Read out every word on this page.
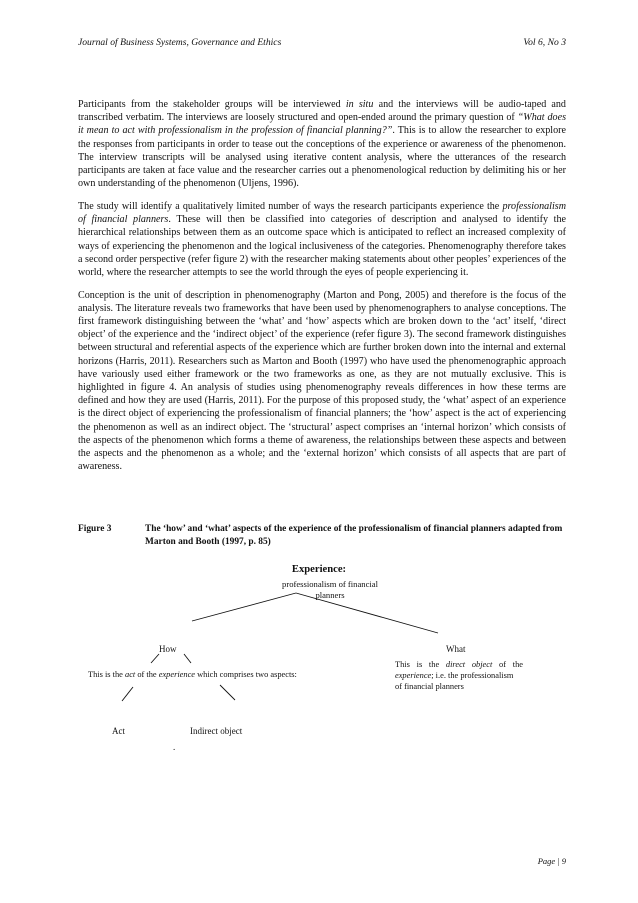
Journal of Business Systems, Governance and Ethics	Vol 6, No 3

Participants from the stakeholder groups will be interviewed in situ and the interviews will be audio-taped and transcribed verbatim. The interviews are loosely structured and open-ended around the primary question of “What does it mean to act with professionalism in the profession of financial planning?”. This is to allow the researcher to explore the responses from participants in order to tease out the conceptions of the experience or awareness of the phenomenon. The interview transcripts will be analysed using iterative content analysis, where the utterances of the research participants are taken at face value and the researcher carries out a phenomenological reduction by delimiting his or her own understanding of the phenomenon (Uljens, 1996).

The study will identify a qualitatively limited number of ways the research participants experience the professionalism of financial planners. These will then be classified into categories of description and analysed to identify the hierarchical relationships between them as an outcome space which is anticipated to reflect an increased complexity of ways of experiencing the phenomenon and the logical inclusiveness of the categories. Phenomenography therefore takes a second order perspective (refer figure 2) with the researcher making statements about other peoples’ experiences of the world, where the researcher attempts to see the world through the eyes of people experiencing it.

Conception is the unit of description in phenomenography (Marton and Pong, 2005) and therefore is the focus of the analysis. The literature reveals two frameworks that have been used by phenomenographers to analyse conceptions. The first framework distinguishing between the ‘what’ and ‘how’ aspects which are broken down to the ‘act’ itself, ‘direct object’ of the experience and the ‘indirect object’ of the experience (refer figure 3). The second framework distinguishes between structural and referential aspects of the experience which are further broken down into the internal and external horizons (Harris, 2011). Researchers such as Marton and Booth (1997) who have used the phenomenographic approach have variously used either framework or the two frameworks as one, as they are not mutually exclusive. This is highlighted in figure 4. An analysis of studies using phenomenography reveals differences in how these terms are defined and how they are used (Harris, 2011). For the purpose of this proposed study, the ‘what’ aspect of an experience is the direct object of experiencing the professionalism of financial planners; the ‘how’ aspect is the act of experiencing the phenomenon as well as an indirect object. The ‘structural’ aspect comprises an ‘internal horizon’ which consists of the aspects of the phenomenon which forms a theme of awareness, the relationships between these aspects and between the aspects and the phenomenon as a whole; and the ‘external horizon’ which consists of all aspects that are part of awareness.

Figure 3	The ‘how’ and ‘what’ aspects of the experience of the professionalism of financial planners adapted from Marton and Booth (1997, p. 85)
Experience:
professionalism of financial
planners
How
This is the act of the experience which comprises two aspects:
What
This is the direct object of the
experience; i.e. the professionalism
of financial planners
Act	Indirect object
.
Page | 9
